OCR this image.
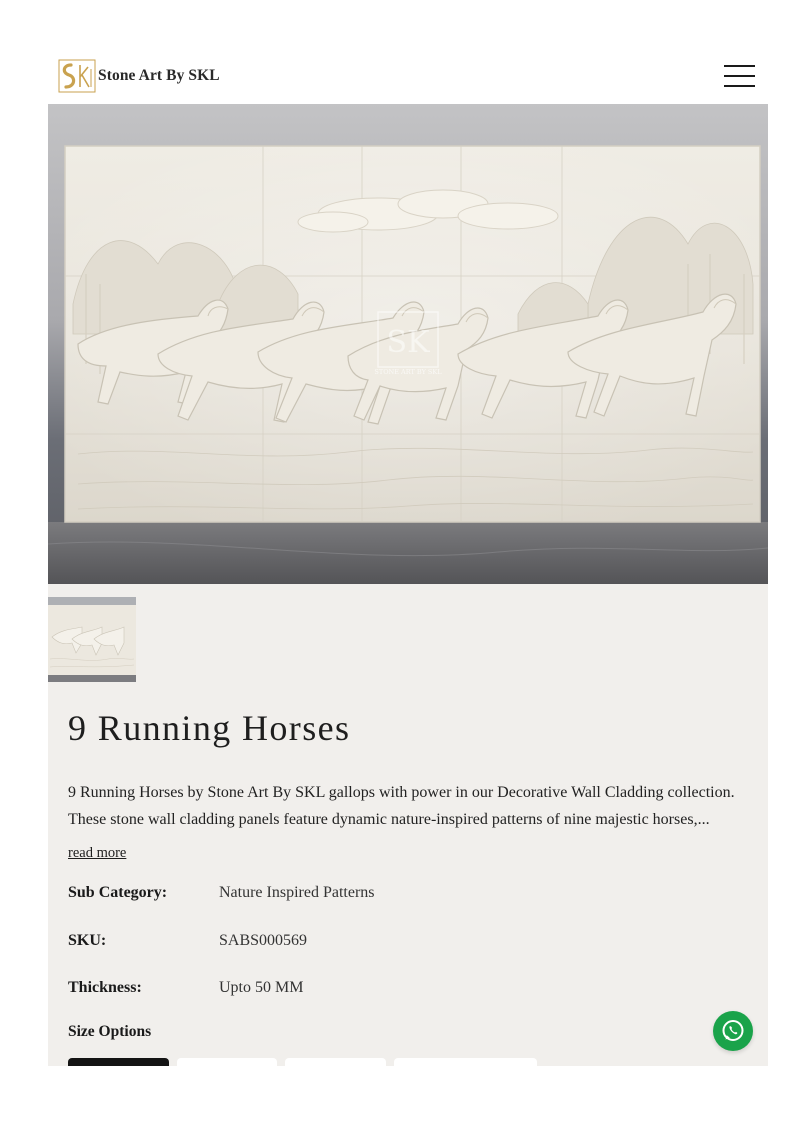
Stone Art By SKL
SK
STONE ART BY SKL
9 Running Horses

9 Running Horses by Stone Art By SKL gallops with power in our Decorative Wall Cladding collection. These stone wall cladding panels feature dynamic nature-inspired patterns of nine majestic horses,...

read more
Sub Category:	Nature Inspired Patterns
SKU:	SABS000569
Thickness:	Upto 50 MM
Size Options
